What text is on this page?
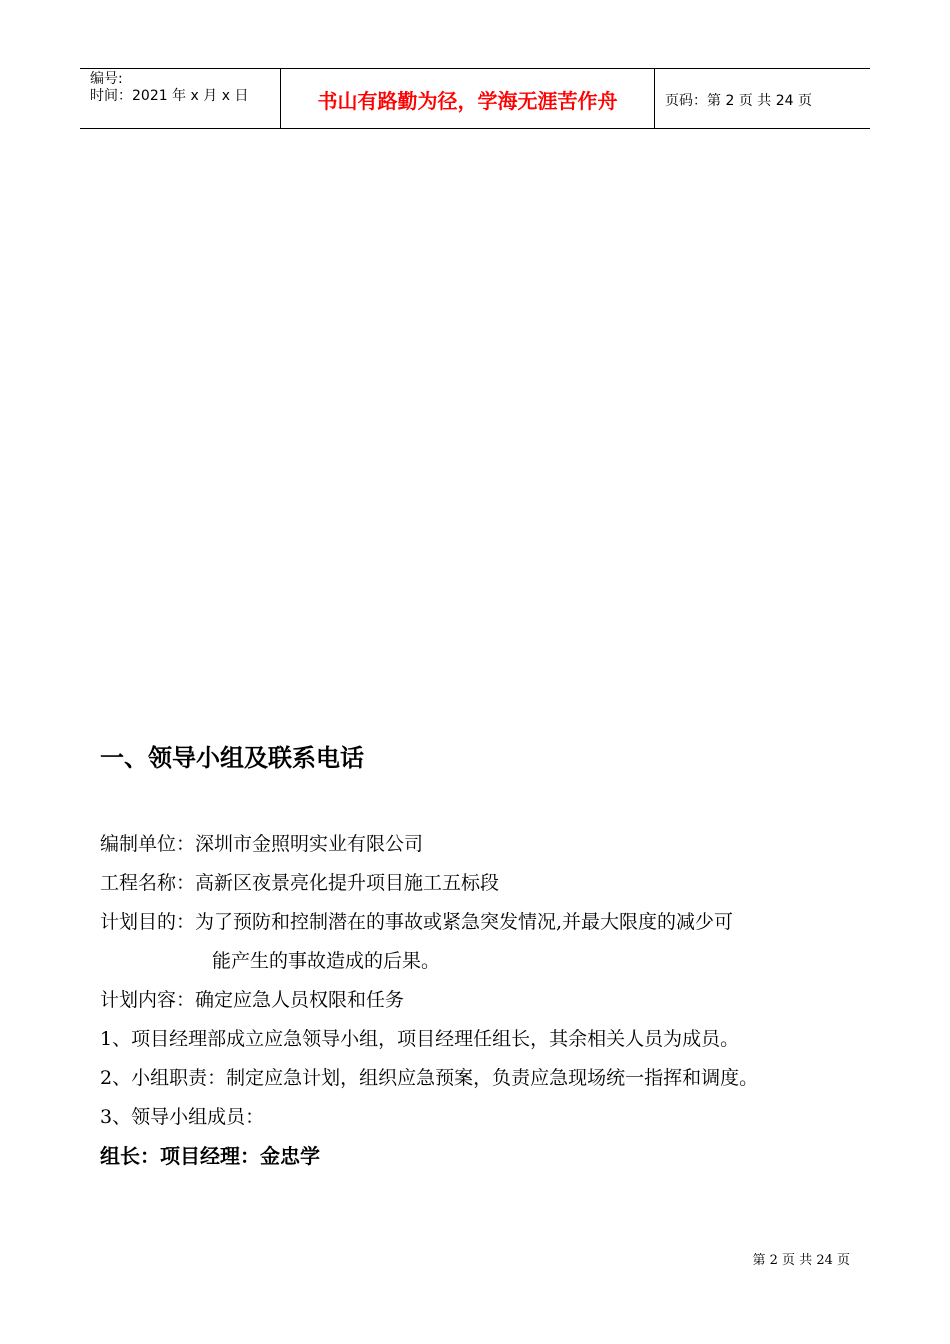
编号:
时间：2021 年 x 月 x 日	书山有路勤为径，学海无涯苦作舟	页码：第 2 页 共 24 页
一、领导小组及联系电话

编制单位：深圳市金照明实业有限公司

工程名称：高新区夜景亮化提升项目施工五标段

计划目的：为了预防和控制潜在的事故或紧急突发情况,并最大限度的减少可

能产生的事故造成的后果。

计划内容：确定应急人员权限和任务

1、项目经理部成立应急领导小组，项目经理任组长，其余相关人员为成员。

2、小组职责：制定应急计划，组织应急预案，负责应急现场统一指挥和调度。

3、领导小组成员：

组长：项目经理：金忠学

第 2 页 共 24 页
